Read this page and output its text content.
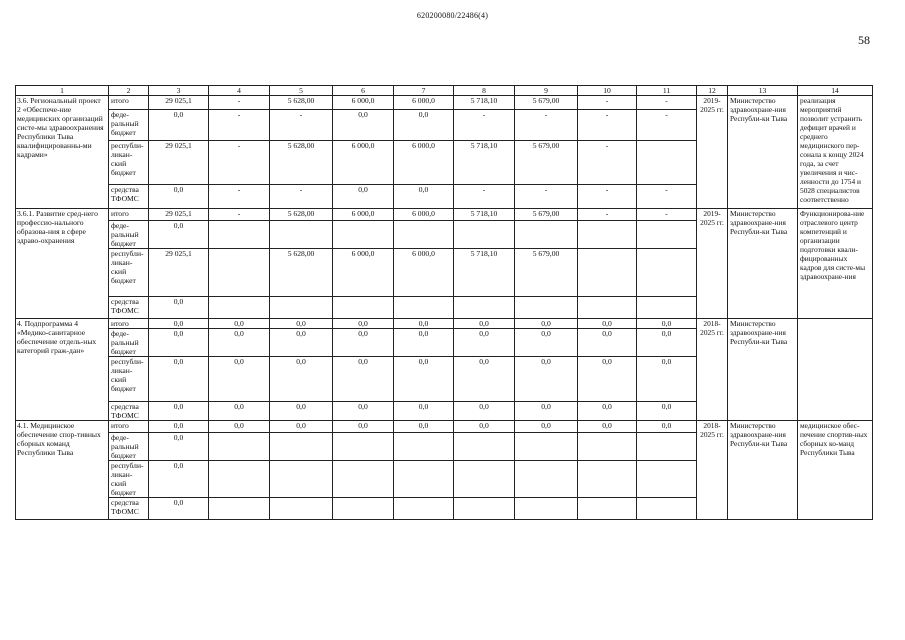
620200080/22486(4)
58
1	2	3	4	5	6	7	8	9	10	11	12	13	14
3.6. Региональный проект 2 «Обеспече-ние медицинских организаций систе-мы здравоохранения Республики Тыва квалифицированны-ми кадрами»	итого	29 025,1	-	5 628,00	6 000,0	6 000,0	5 718,10	5 679,00	-	-	2019-2025 гг.	Министерство здравоохране-ния Республи-ки Тыва	реализация мероприятий позволит устранить дефицит врачей и среднего медицинского пер-сонала к концу 2024 года, за счет увеличения и чис-ленности до 1754 и 5028 специалистов соответственно
	феде-ральный бюджет	0,0	-	-	0,0	0,0	-	-	-	-			
	республи-ликан-ский бюджет	29 025,1	-	5 628,00	6 000,0	6 000,0	5 718,10	5 679,00	-				
	средства ТФОМС	0,0	-	-	0,0	0,0	-	-	-	-			
3.6.1. Развитие сред-него профессио-нального образова-ния в сфере здраво-охранения	итого	29 025,1	-	5 628,00	6 000,0	6 000,0	5 718,10	5 679,00	-	-	2019-2025 гг.	Министерство здравоохране-ния Республи-ки Тыва	Функционирова-ние отраслевого центр компетенций и организации подготовки квали-фицированных кадров для систе-мы здравоохране-ния
	феде-ральный бюджет	0,0											
	республи-ликан-ский бюджет	29 025,1		5 628,00	6 000,0	6 000,0	5 718,10	5 679,00					
	средства ТФОМС	0,0											
4. Подпрограмма 4 «Медико-санитарное обеспечение отдель-ных категорий граж-дан»	итого	0,0	0,0	0,0	0,0	0,0	0,0	0,0	0,0	0,0	2018-2025 гг.	Министерство здравоохране-ния Республи-ки Тыва	
	феде-ральный бюджет	0,0	0,0	0,0	0,0	0,0	0,0	0,0	0,0	0,0			
	республи-ликан-ский бюджет	0,0	0,0	0,0	0,0	0,0	0,0	0,0	0,0	0,0			
	средства ТФОМС	0,0	0,0	0,0	0,0	0,0	0,0	0,0	0,0	0,0			
4.1. Медицинское обеспечение спор-тивных сборных команд Республики Тыва	итого	0,0	0,0	0,0	0,0	0,0	0,0	0,0	0,0	0,0	2018-2025 гг.	Министерство здравоохране-ния Республи-ки Тыва	медицинское обес-печение спортив-ных сборных ко-манд Республики Тыва
	феде-ральный бюджет	0,0											
	республи-ликан-ский бюджет	0,0											
	средства ТФОМС	0,0											
